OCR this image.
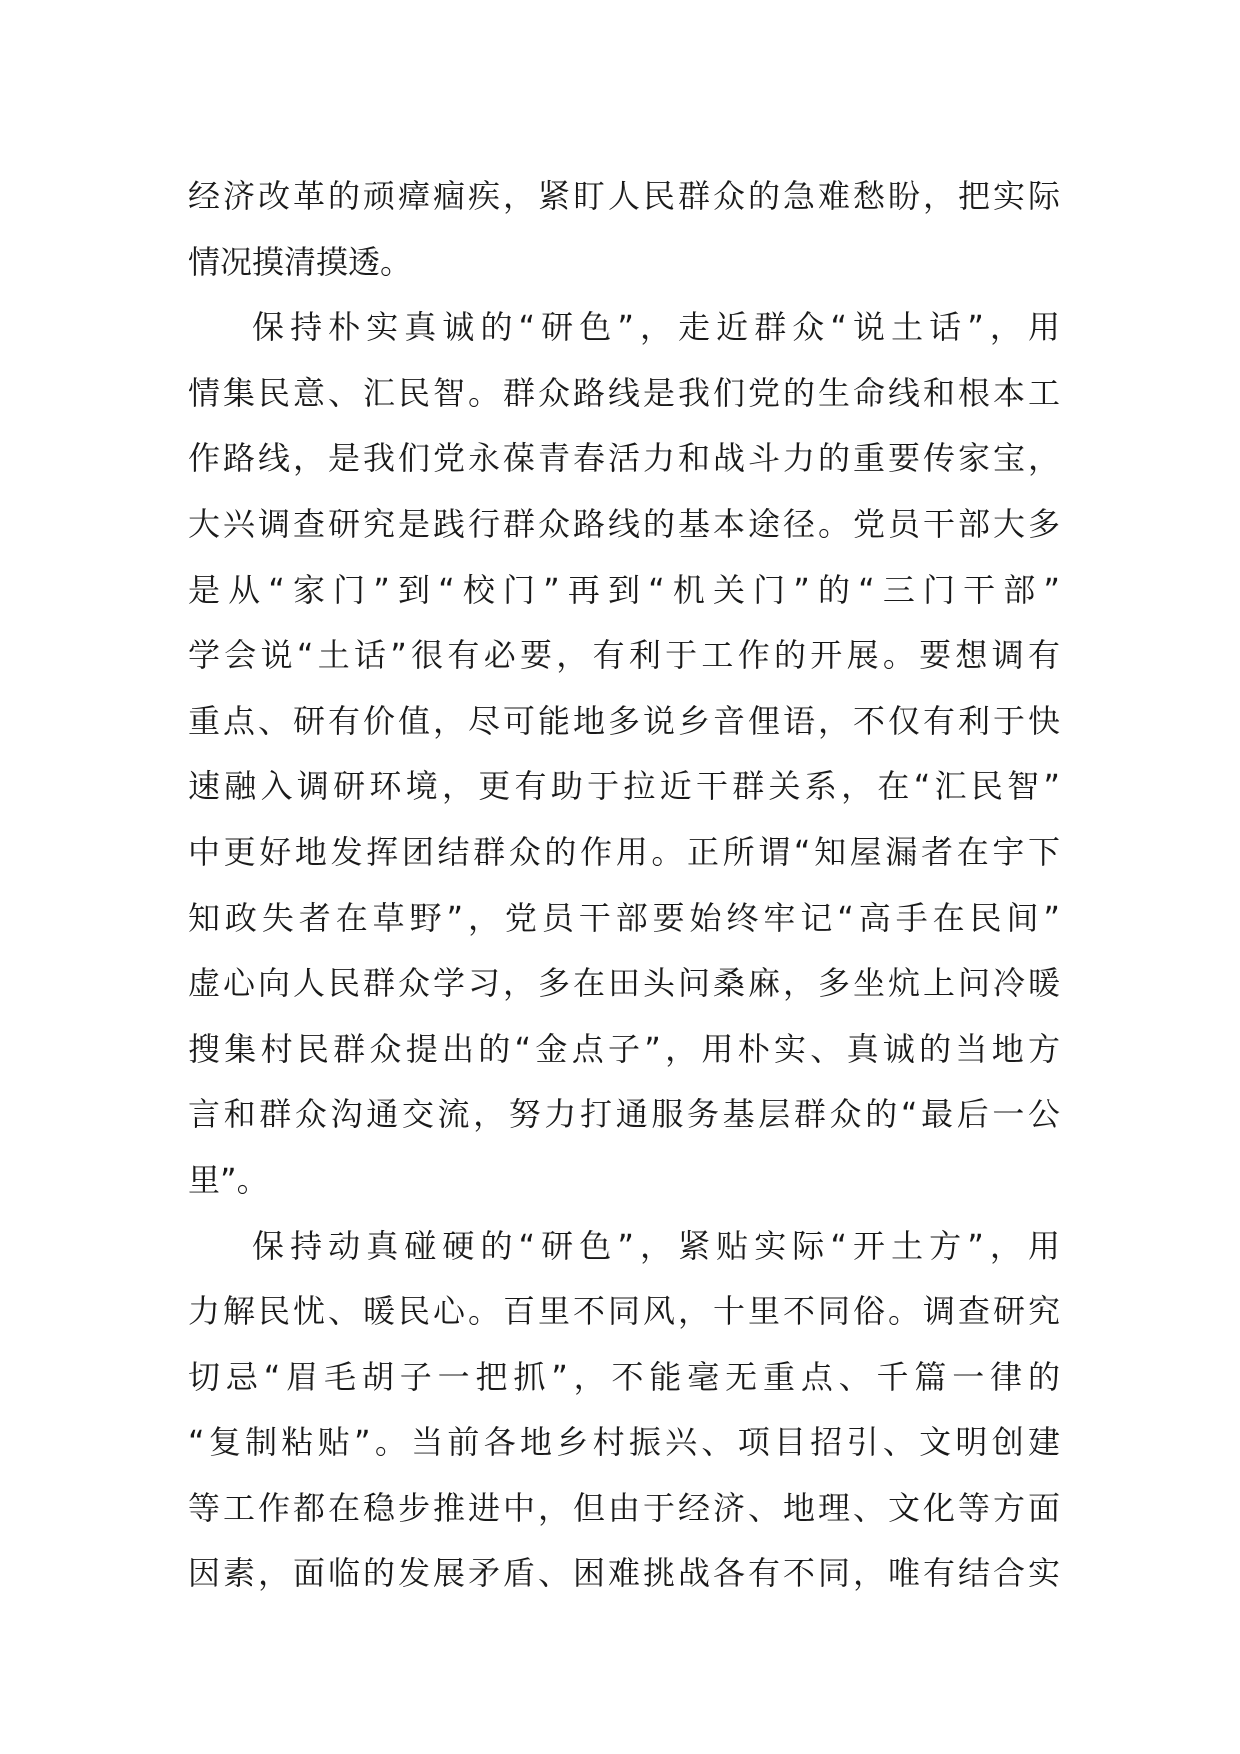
经济改革的顽瘴痼疾，紧盯人民群众的急难愁盼，把实际
情况摸清摸透。
保持朴实真诚的“研色”，走近群众“说土话”，用
情集民意、汇民智。群众路线是我们党的生命线和根本工
作路线，是我们党永葆青春活力和战斗力的重要传家宝，
大兴调查研究是践行群众路线的基本途径。党员干部大多
是从“家门”到“校门”再到“机关门”的“三门干部”
学会说“土话”很有必要，有利于工作的开展。要想调有
重点、研有价值，尽可能地多说乡音俚语，不仅有利于快
速融入调研环境，更有助于拉近干群关系，在“汇民智”
中更好地发挥团结群众的作用。正所谓“知屋漏者在宇下
知政失者在草野”，党员干部要始终牢记“高手在民间”
虚心向人民群众学习，多在田头问桑麻，多坐炕上问冷暖
搜集村民群众提出的“金点子”，用朴实、真诚的当地方
言和群众沟通交流，努力打通服务基层群众的“最后一公
里”。
保持动真碰硬的“研色”，紧贴实际“开土方”，用
力解民忧、暖民心。百里不同风，十里不同俗。调查研究
切忌“眉毛胡子一把抓”，不能毫无重点、千篇一律的
“复制粘贴”。当前各地乡村振兴、项目招引、文明创建
等工作都在稳步推进中，但由于经济、地理、文化等方面
因素，面临的发展矛盾、困难挑战各有不同，唯有结合实
